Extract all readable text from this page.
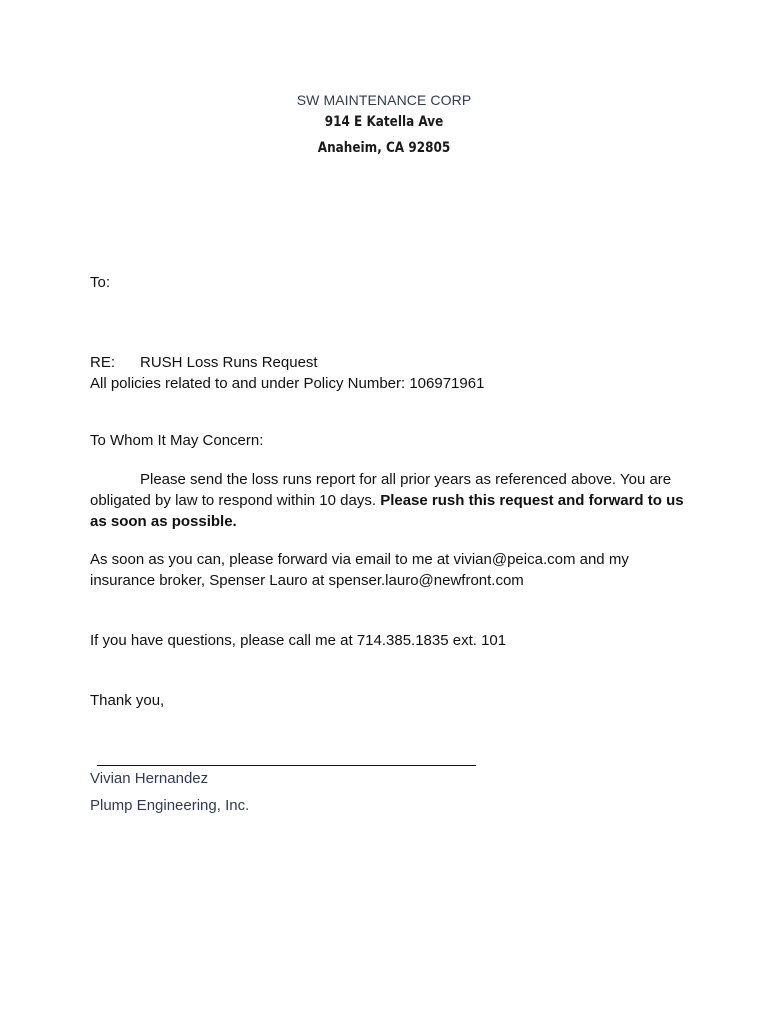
SW MAINTENANCE CORP
914 E Katella Ave
Anaheim, CA 92805
To:
RE: RUSH Loss Runs Request
All policies related to and under Policy Number: 106971961
To Whom It May Concern:
Please send the loss runs report for all prior years as referenced above. You are obligated by law to respond within 10 days. Please rush this request and forward to us as soon as possible.
As soon as you can, please forward via email to me at vivian@peica.com and my insurance broker, Spenser Lauro at spenser.lauro@newfront.com
If you have questions, please call me at 714.385.1835 ext. 101
Thank you,
Vivian Hernandez
Plump Engineering, Inc.
